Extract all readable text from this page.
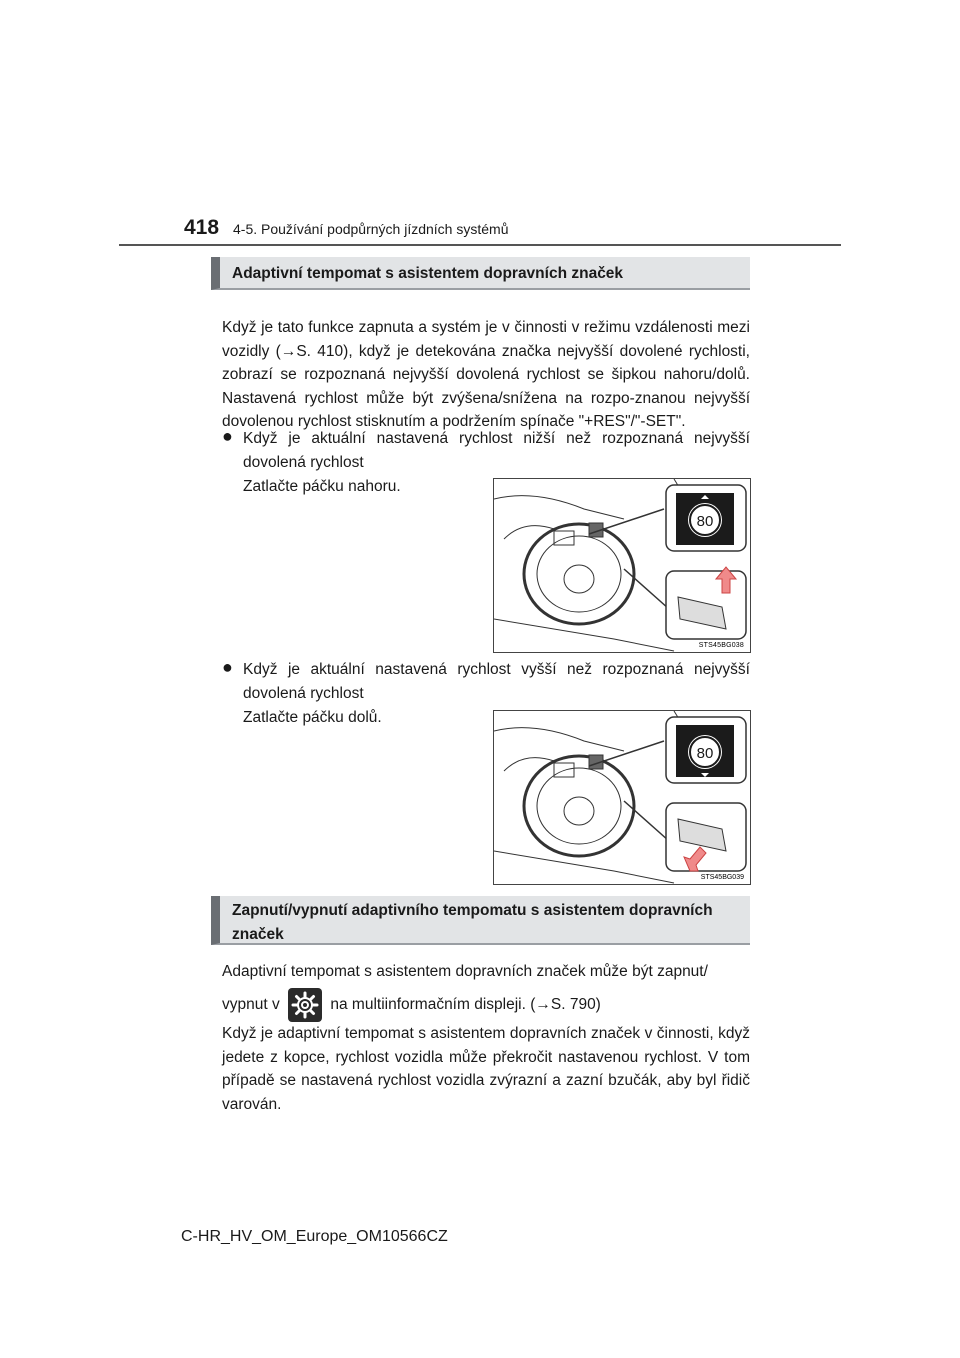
418 4-5. Používání podpůrných jízdních systémů
Adaptivní tempomat s asistentem dopravních značek
Když je tato funkce zapnuta a systém je v činnosti v režimu vzdálenosti mezi vozidly (→S. 410), když je detekována značka nejvyšší dovolené rychlosti, zobrazí se rozpoznaná nejvyšší dovolená rychlost se šipkou nahoru/dolů. Nastavená rychlost může být zvýšena/snížena na rozpo-znanou nejvyšší dovolenou rychlost stisknutím a podržením spínače "+RES"/"-SET".
● Když je aktuální nastavená rychlost nižší než rozpoznaná nejvyšší dovolená rychlost
Zatlačte páčku nahoru.
80
STS45BG038
● Když je aktuální nastavená rychlost vyšší než rozpoznaná nejvyšší dovolená rychlost
Zatlačte páčku dolů.
80
STS45BG039
Zapnutí/vypnutí adaptivního tempomatu s asistentem dopravních značek
Adaptivní tempomat s asistentem dopravních značek může být zapnut/
vypnut v	na multiinformačním displeji. (→S. 790)
Když je adaptivní tempomat s asistentem dopravních značek v činnosti, když jedete z kopce, rychlost vozidla může překročit nastavenou rychlost. V tom případě se nastavená rychlost vozidla zvýrazní a zazní bzučák, aby byl řidič varován.
C-HR_HV_OM_Europe_OM10566CZ
